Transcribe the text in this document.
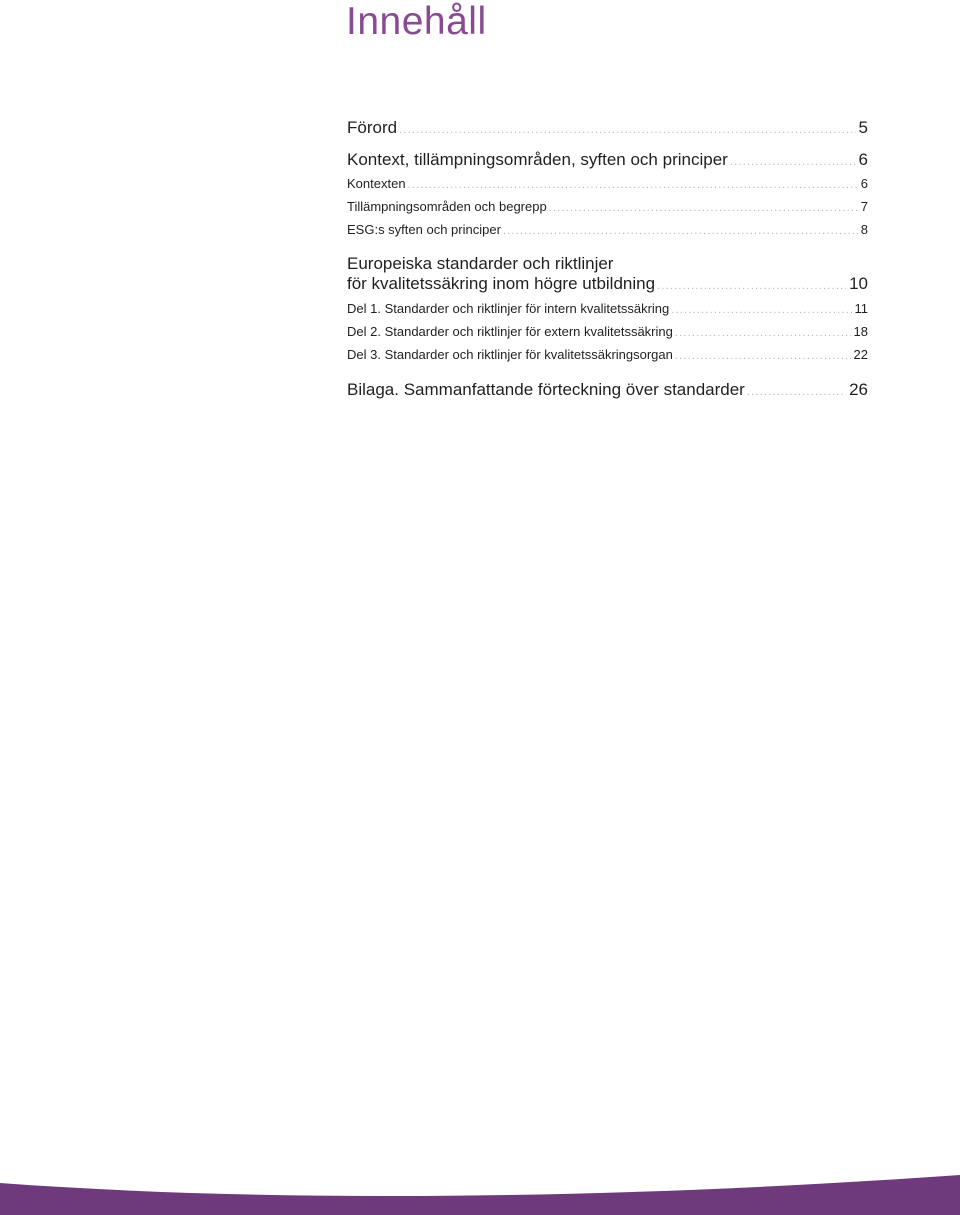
Innehåll
Förord .....	5
Kontext, tillämpningsområden, syften och principer .....	6
Kontexten .....	6
Tillämpningsområden och begrepp .....	7
ESG:s syften och principer .....	8
Europeiska standarder och riktlinjer
för kvalitetssäkring inom högre utbildning .....	10
Del 1. Standarder och riktlinjer för intern kvalitetssäkring .....	11
Del 2. Standarder och riktlinjer för extern kvalitetssäkring .....	18
Del 3. Standarder och riktlinjer för kvalitetssäkringsorgan .....	22
Bilaga. Sammanfattande förteckning över standarder .....	26
